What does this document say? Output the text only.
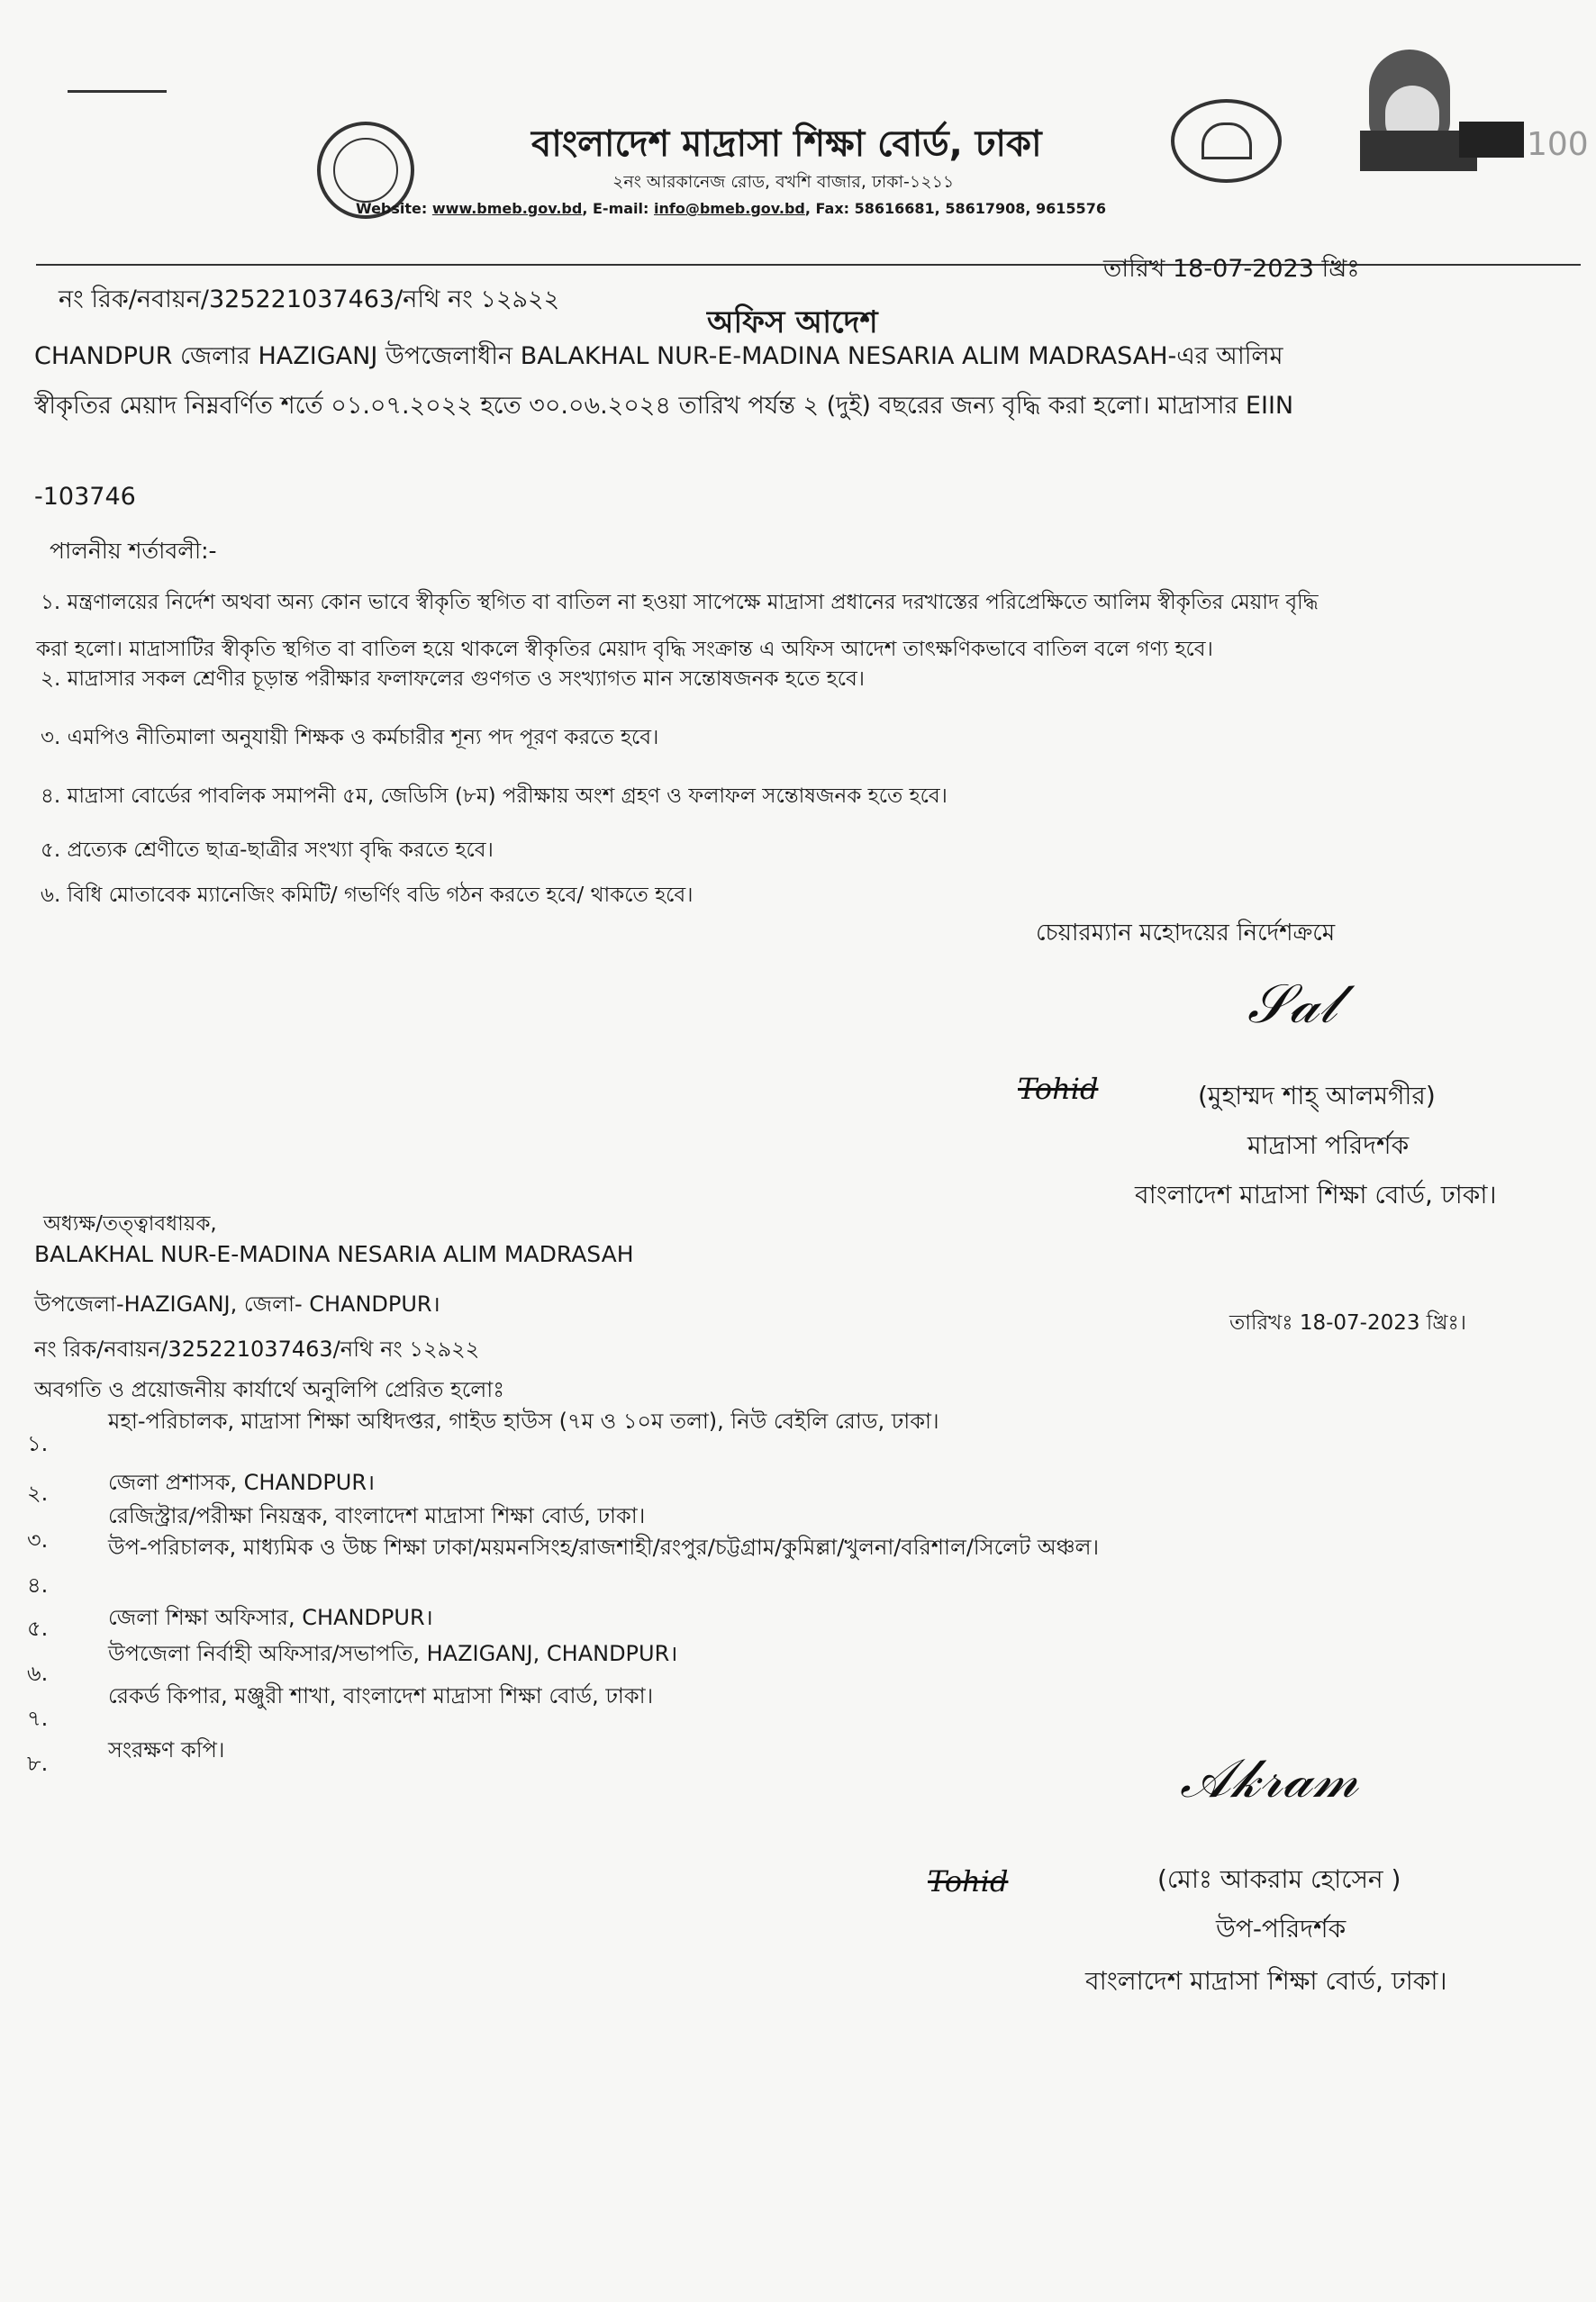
বাংলাদেশ মাদ্রাসা শিক্ষা বোর্ড, ঢাকা
২নং আরকানেজ রোড, বখশি বাজার, ঢাকা-১২১১
Website: www.bmeb.gov.bd, E-mail: info@bmeb.gov.bd, Fax: 58616681, 58617908, 9615576
100
নং রিক/নবায়ন/325221037463/নথি নং ১২৯২২
তারিখ 18-07-2023 খ্রিঃ
অফিস আদেশ
CHANDPUR জেলার HAZIGANJ উপজেলাধীন BALAKHAL NUR-E-MADINA NESARIA ALIM MADRASAH-এর আলিম
স্বীকৃতির মেয়াদ নিম্নবর্ণিত শর্তে ০১.০৭.২০২২ হতে ৩০.০৬.২০২৪ তারিখ পর্যন্ত ২ (দুই) বছরের জন্য বৃদ্ধি করা হলো। মাদ্রাসার EIIN
-103746
পালনীয় শর্তাবলী:-
১. মন্ত্রণালয়ের নির্দেশ অথবা অন্য কোন ভাবে স্বীকৃতি স্থগিত বা বাতিল না হওয়া সাপেক্ষে মাদ্রাসা প্রধানের দরখাস্তের পরিপ্রেক্ষিতে আলিম স্বীকৃতির মেয়াদ বৃদ্ধি
করা হলো। মাদ্রাসাটির স্বীকৃতি স্থগিত বা বাতিল হয়ে থাকলে স্বীকৃতির মেয়াদ বৃদ্ধি সংক্রান্ত এ অফিস আদেশ তাৎক্ষণিকভাবে বাতিল বলে গণ্য হবে।
২. মাদ্রাসার সকল শ্রেণীর চূড়ান্ত পরীক্ষার ফলাফলের গুণগত ও সংখ্যাগত মান সন্তোষজনক হতে হবে।
৩. এমপিও নীতিমালা অনুযায়ী শিক্ষক ও কর্মচারীর শূন্য পদ পূরণ করতে হবে।
৪. মাদ্রাসা বোর্ডের পাবলিক সমাপনী ৫ম, জেডিসি (৮ম) পরীক্ষায় অংশ গ্রহণ ও ফলাফল সন্তোষজনক হতে হবে।
৫. প্রত্যেক শ্রেণীতে ছাত্র-ছাত্রীর সংখ্যা বৃদ্ধি করতে হবে।
৬. বিধি মোতাবেক ম্যানেজিং কমিটি/ গভর্ণিং বডি গঠন করতে হবে/ থাকতে হবে।
চেয়ারম্যান মহোদয়ের নির্দেশক্রমে
𝒮𝒶𝓁
Tohid	(মুহাম্মদ শাহ্ আলমগীর)
মাদ্রাসা পরিদর্শক
বাংলাদেশ মাদ্রাসা শিক্ষা বোর্ড, ঢাকা।
অধ্যক্ষ/তত্ত্বাবধায়ক,
BALAKHAL NUR-E-MADINA NESARIA ALIM MADRASAH
উপজেলা-HAZIGANJ, জেলা- CHANDPUR।
নং রিক/নবায়ন/325221037463/নথি নং ১২৯২২
অবগতি ও প্রয়োজনীয় কার্যার্থে অনুলিপি প্রেরিত হলোঃ
তারিখঃ 18-07-2023 খ্রিঃ।
১.
মহা-পরিচালক, মাদ্রাসা শিক্ষা অধিদপ্তর, গাইড হাউস (৭ম ও ১০ম তলা), নিউ বেইলি রোড, ঢাকা।
২.	জেলা প্রশাসক, CHANDPUR।
৩.
রেজিস্ট্রার/পরীক্ষা নিয়ন্ত্রক, বাংলাদেশ মাদ্রাসা শিক্ষা বোর্ড, ঢাকা।
৪.
উপ-পরিচালক, মাধ্যমিক ও উচ্চ শিক্ষা ঢাকা/ময়মনসিংহ/রাজশাহী/রংপুর/চট্টগ্রাম/কুমিল্লা/খুলনা/বরিশাল/সিলেট অঞ্চল।
৫.	জেলা শিক্ষা অফিসার, CHANDPUR।
৬.
উপজেলা নির্বাহী অফিসার/সভাপতি, HAZIGANJ, CHANDPUR।
৭.
রেকর্ড কিপার, মঞ্জুরী শাখা, বাংলাদেশ মাদ্রাসা শিক্ষা বোর্ড, ঢাকা।
৮.
সংরক্ষণ কপি।	𝒜𝓀𝓇𝒶𝓂
Tohid	(মোঃ আকরাম হোসেন )
উপ-পরিদর্শক
বাংলাদেশ মাদ্রাসা শিক্ষা বোর্ড, ঢাকা।
